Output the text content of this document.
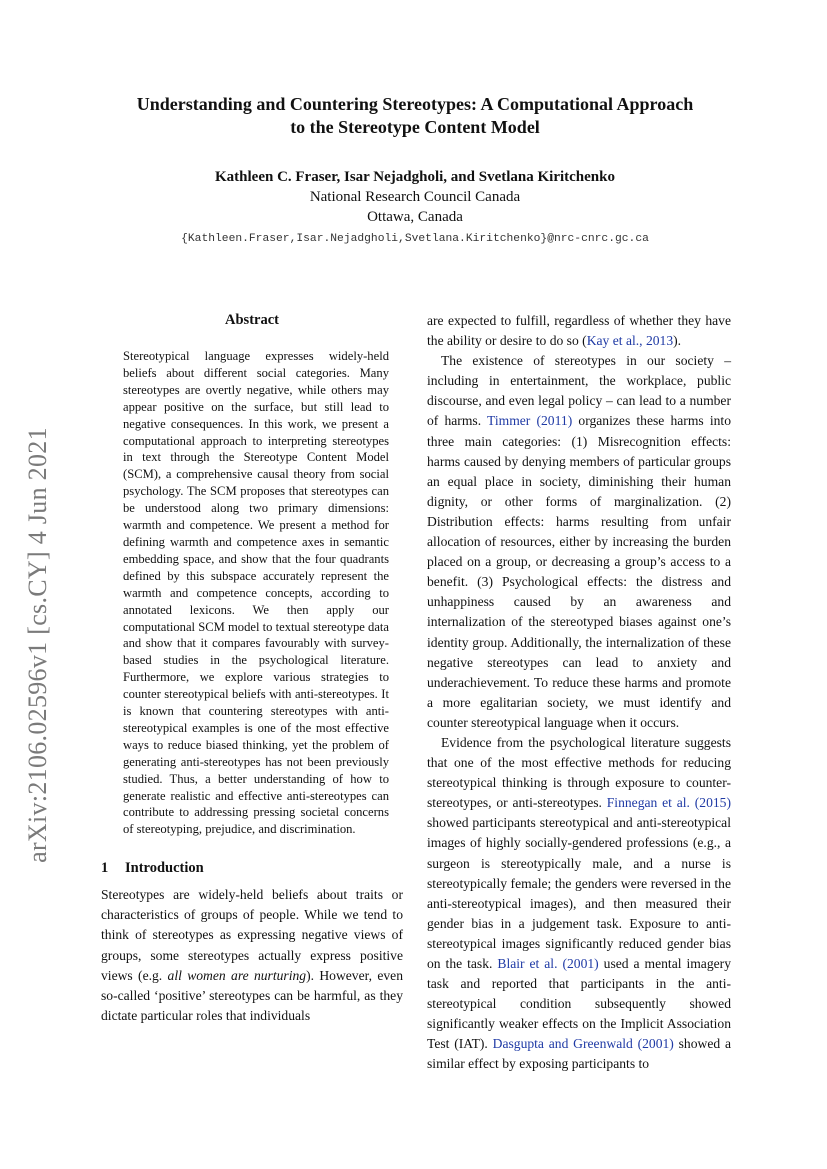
arXiv:2106.02596v1 [cs.CY] 4 Jun 2021
Understanding and Countering Stereotypes: A Computational Approach
to the Stereotype Content Model
Kathleen C. Fraser, Isar Nejadgholi, and Svetlana Kiritchenko
National Research Council Canada
Ottawa, Canada
{Kathleen.Fraser,Isar.Nejadgholi,Svetlana.Kiritchenko}@nrc-cnrc.gc.ca
Abstract

Stereotypical language expresses widely-held beliefs about different social categories. Many stereotypes are overtly negative, while others may appear positive on the surface, but still lead to negative consequences. In this work, we present a computational approach to interpreting stereotypes in text through the Stereotype Content Model (SCM), a comprehensive causal theory from social psychology. The SCM proposes that stereotypes can be understood along two primary dimensions: warmth and competence. We present a method for defining warmth and competence axes in semantic embedding space, and show that the four quadrants defined by this subspace accurately represent the warmth and competence concepts, according to annotated lexicons. We then apply our computational SCM model to textual stereotype data and show that it compares favourably with survey-based studies in the psychological literature. Furthermore, we explore various strategies to counter stereotypical beliefs with anti-stereotypes. It is known that countering stereotypes with anti-stereotypical examples is one of the most effective ways to reduce biased thinking, yet the problem of generating anti-stereotypes has not been previously studied. Thus, a better understanding of how to generate realistic and effective anti-stereotypes can contribute to addressing pressing societal concerns of stereotyping, prejudice, and discrimination.

1 Introduction

Stereotypes are widely-held beliefs about traits or characteristics of groups of people. While we tend to think of stereotypes as expressing negative views of groups, some stereotypes actually express positive views (e.g. all women are nurturing). However, even so-called ‘positive’ stereotypes can be harmful, as they dictate particular roles that individuals

are expected to fulfill, regardless of whether they have the ability or desire to do so (Kay et al., 2013).

The existence of stereotypes in our society – including in entertainment, the workplace, public discourse, and even legal policy – can lead to a number of harms. Timmer (2011) organizes these harms into three main categories: (1) Misrecognition effects: harms caused by denying members of particular groups an equal place in society, diminishing their human dignity, or other forms of marginalization. (2) Distribution effects: harms resulting from unfair allocation of resources, either by increasing the burden placed on a group, or decreasing a group’s access to a benefit. (3) Psychological effects: the distress and unhappiness caused by an awareness and internalization of the stereotyped biases against one’s identity group. Additionally, the internalization of these negative stereotypes can lead to anxiety and underachievement. To reduce these harms and promote a more egalitarian society, we must identify and counter stereotypical language when it occurs.

Evidence from the psychological literature suggests that one of the most effective methods for reducing stereotypical thinking is through exposure to counter-stereotypes, or anti-stereotypes. Finnegan et al. (2015) showed participants stereotypical and anti-stereotypical images of highly socially-gendered professions (e.g., a surgeon is stereotypically male, and a nurse is stereotypically female; the genders were reversed in the anti-stereotypical images), and then measured their gender bias in a judgement task. Exposure to anti-stereotypical images significantly reduced gender bias on the task. Blair et al. (2001) used a mental imagery task and reported that participants in the anti-stereotypical condition subsequently showed significantly weaker effects on the Implicit Association Test (IAT). Dasgupta and Greenwald (2001) showed a similar effect by exposing participants to
